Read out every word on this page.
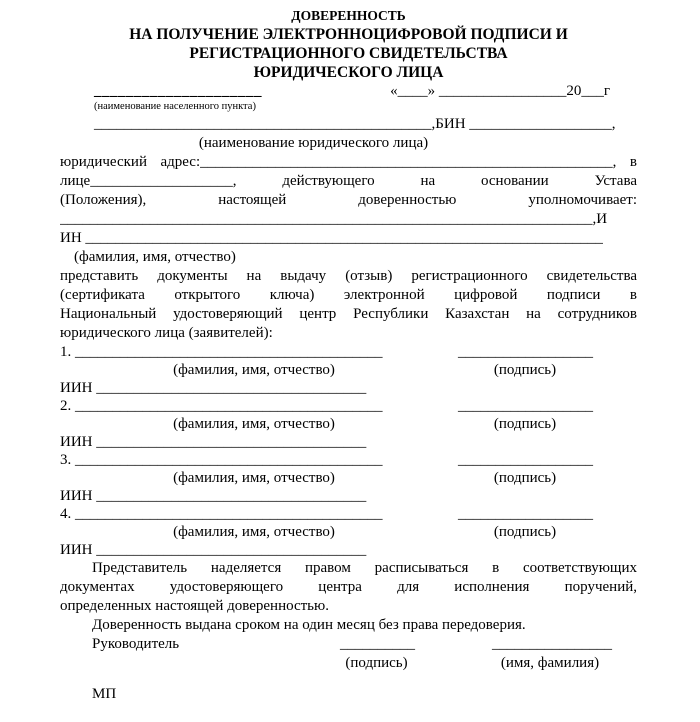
ДОВЕРЕННОСТЬ
НА ПОЛУЧЕНИЕ ЭЛЕКТРОННОЦИФРОВОЙ ПОДПИСИ И
РЕГИСТРАЦИОННОГО СВИДЕТЕЛЬСТВА
ЮРИДИЧЕСКОГО ЛИЦА
_____________________	«____» _________________20___г
(наименование населенного пункта)
_____________________________________________,БИН ___________________,
(наименование юридического лица)
юридический адрес:_______________________________________________________, в
лице___________________, действующего на основании Устава
(Положения), настоящей доверенностью уполномочивает:
_______________________________________________________________________,И
ИН _____________________________________________________________________
(фамилия, имя, отчество)
представить документы на выдачу (отзыв) регистрационного свидетельства
(сертификата открытого ключа) электронной цифровой подписи в
Национальный удостоверяющий центр Республики Казахстан на сотрудников
юридического лица (заявителей):
1. _________________________________________	__________________
(фамилия, имя, отчество)	(подпись)
ИИН ____________________________________
2. _________________________________________	__________________
(фамилия, имя, отчество)	(подпись)
ИИН ____________________________________
3. _________________________________________	__________________
(фамилия, имя, отчество)	(подпись)
ИИН ____________________________________
4. _________________________________________	__________________
(фамилия, имя, отчество)	(подпись)
ИИН ____________________________________
Представитель наделяется правом расписываться в соответствующих
документах удостоверяющего центра для исполнения поручений,
определенных настоящей доверенностью.
Доверенность выдана сроком на один месяц без права передоверия.
Руководитель	__________	________________
(подпись)	(имя, фамилия)
МП
